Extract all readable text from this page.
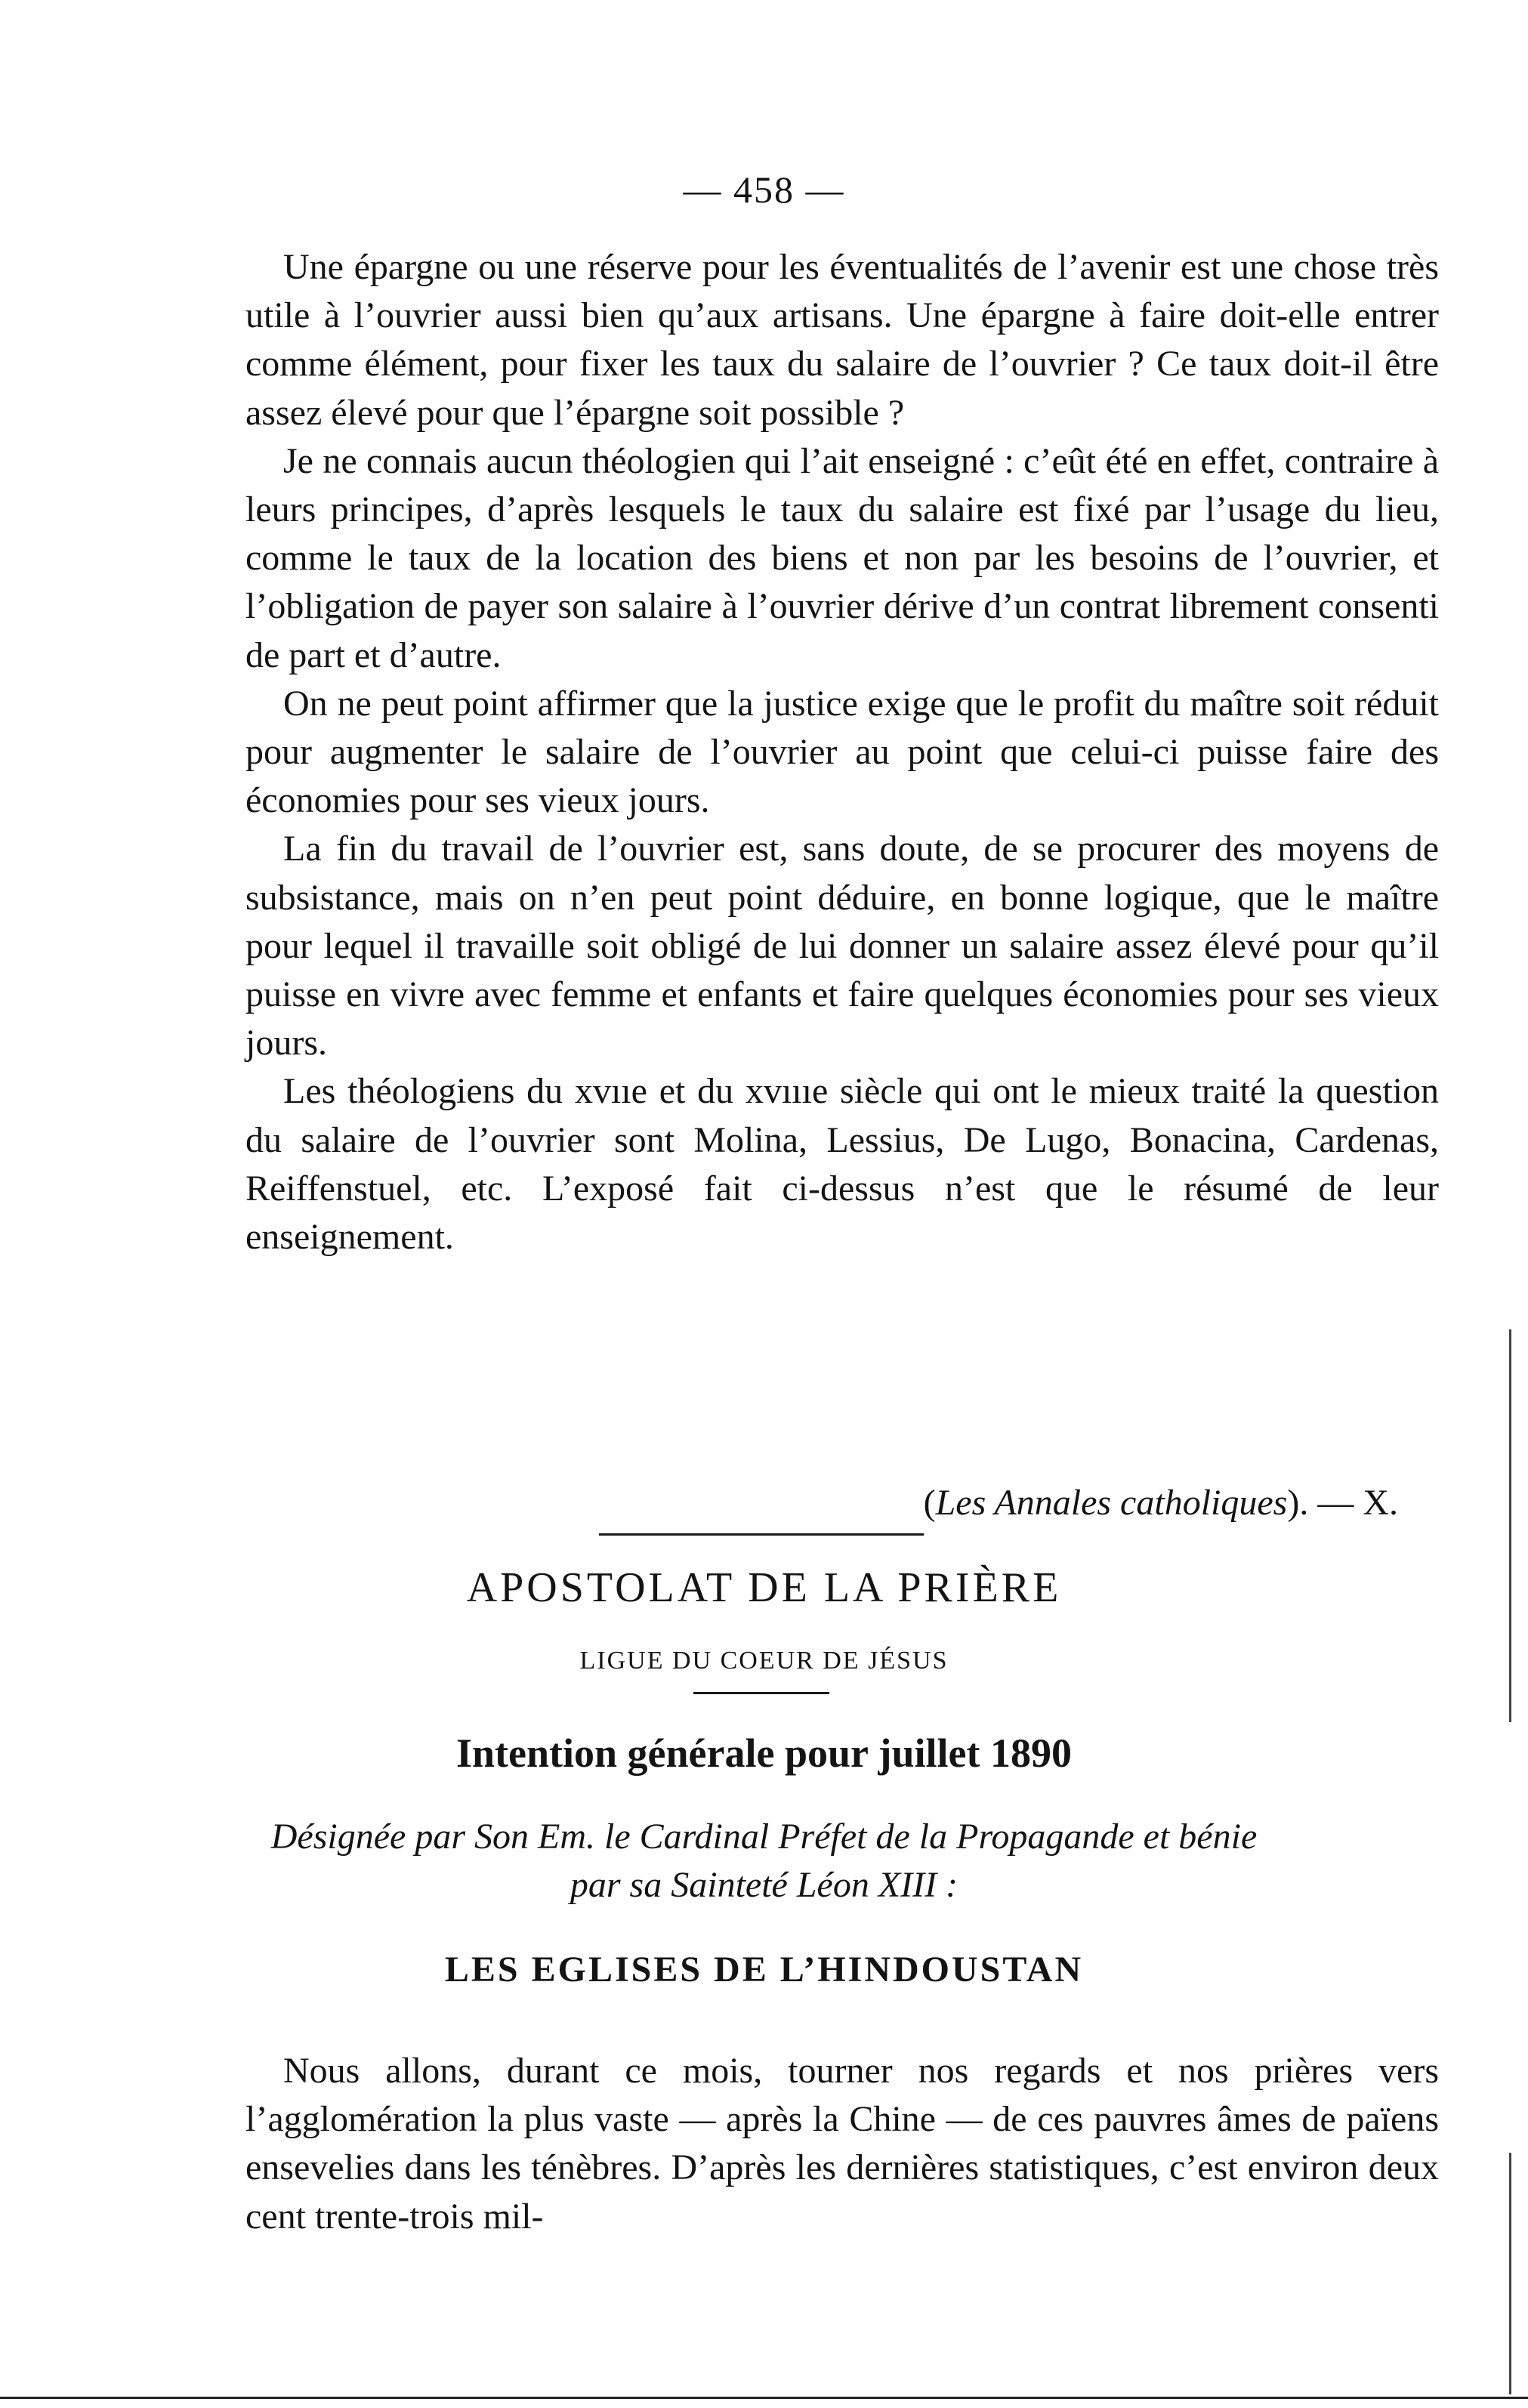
— 458 —

Une épargne ou une réserve pour les éventualités de l’avenir est une chose très utile à l’ouvrier aussi bien qu’aux artisans. Une épargne à faire doit-elle entrer comme élément, pour fixer les taux du salaire de l’ouvrier ? Ce taux doit-il être assez élevé pour que l’épargne soit possible ?

Je ne connais aucun théologien qui l’ait enseigné : c’eût été en effet, contraire à leurs principes, d’après lesquels le taux du salaire est fixé par l’usage du lieu, comme le taux de la location des biens et non par les besoins de l’ouvrier, et l’obligation de payer son salaire à l’ouvrier dérive d’un contrat librement consenti de part et d’autre.

On ne peut point affirmer que la justice exige que le profit du maître soit réduit pour augmenter le salaire de l’ouvrier au point que celui-ci puisse faire des économies pour ses vieux jours.

La fin du travail de l’ouvrier est, sans doute, de se procurer des moyens de subsistance, mais on n’en peut point déduire, en bonne logique, que le maître pour lequel il travaille soit obligé de lui donner un salaire assez élevé pour qu’il puisse en vivre avec femme et enfants et faire quelques économies pour ses vieux jours.

Les théologiens du xvııe et du xvıııe siècle qui ont le mieux traité la question du salaire de l’ouvrier sont Molina, Lessius, De Lugo, Bonacina, Cardenas, Reiffenstuel, etc. L’exposé fait ci-dessus n’est que le résumé de leur enseignement.

(Les Annales catholiques). — X.
APOSTOLAT DE LA PRIÈRE
LIGUE DU COEUR DE JÉSUS
Intention générale pour juillet 1890
Désignée par Son Em. le Cardinal Préfet de la Propagande et bénie
par sa Sainteté Léon XIII :
LES EGLISES DE L’HINDOUSTAN

Nous allons, durant ce mois, tourner nos regards et nos prières vers l’agglomération la plus vaste — après la Chine — de ces pauvres âmes de païens ensevelies dans les ténèbres. D’après les dernières statistiques, c’est environ deux cent trente-trois mil-
